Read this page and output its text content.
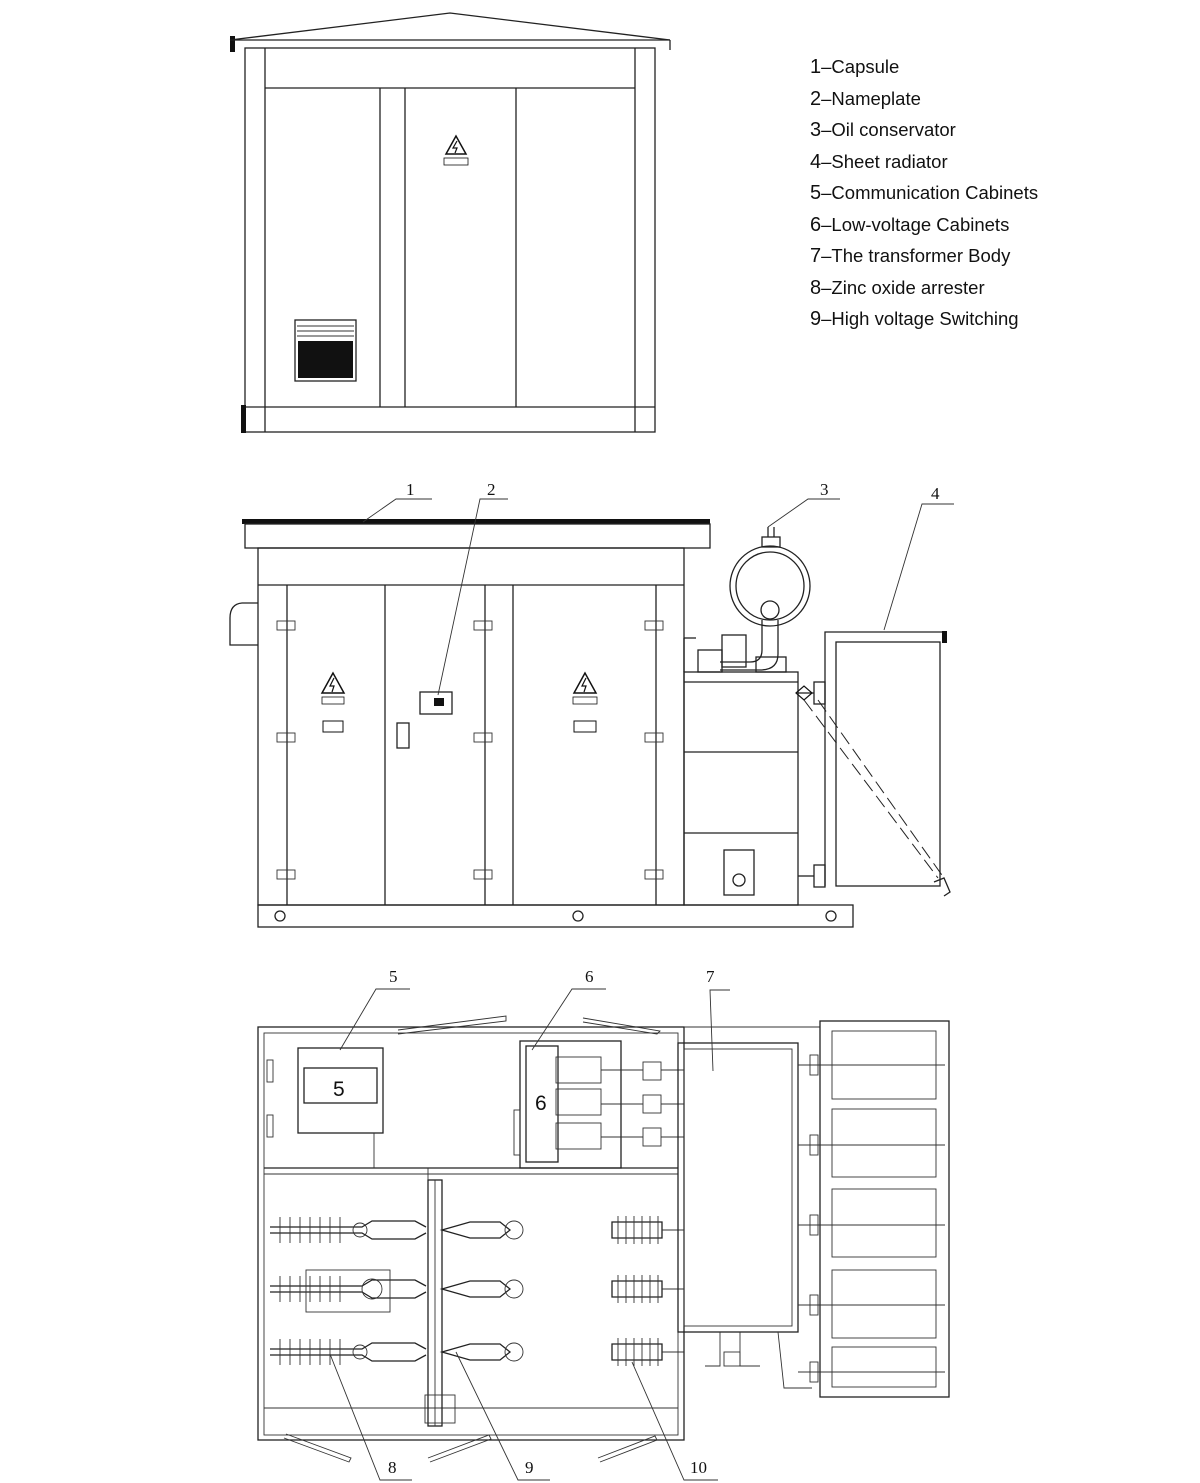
1	2	3	4
5	6	7
8	9	10
5
6
1–Capsule
2–Nameplate
3–Oil conservator
4–Sheet radiator
5–Communication Cabinets
6–Low-voltage Cabinets
7–The transformer Body
8–Zinc oxide arrester
9–High voltage Switching
